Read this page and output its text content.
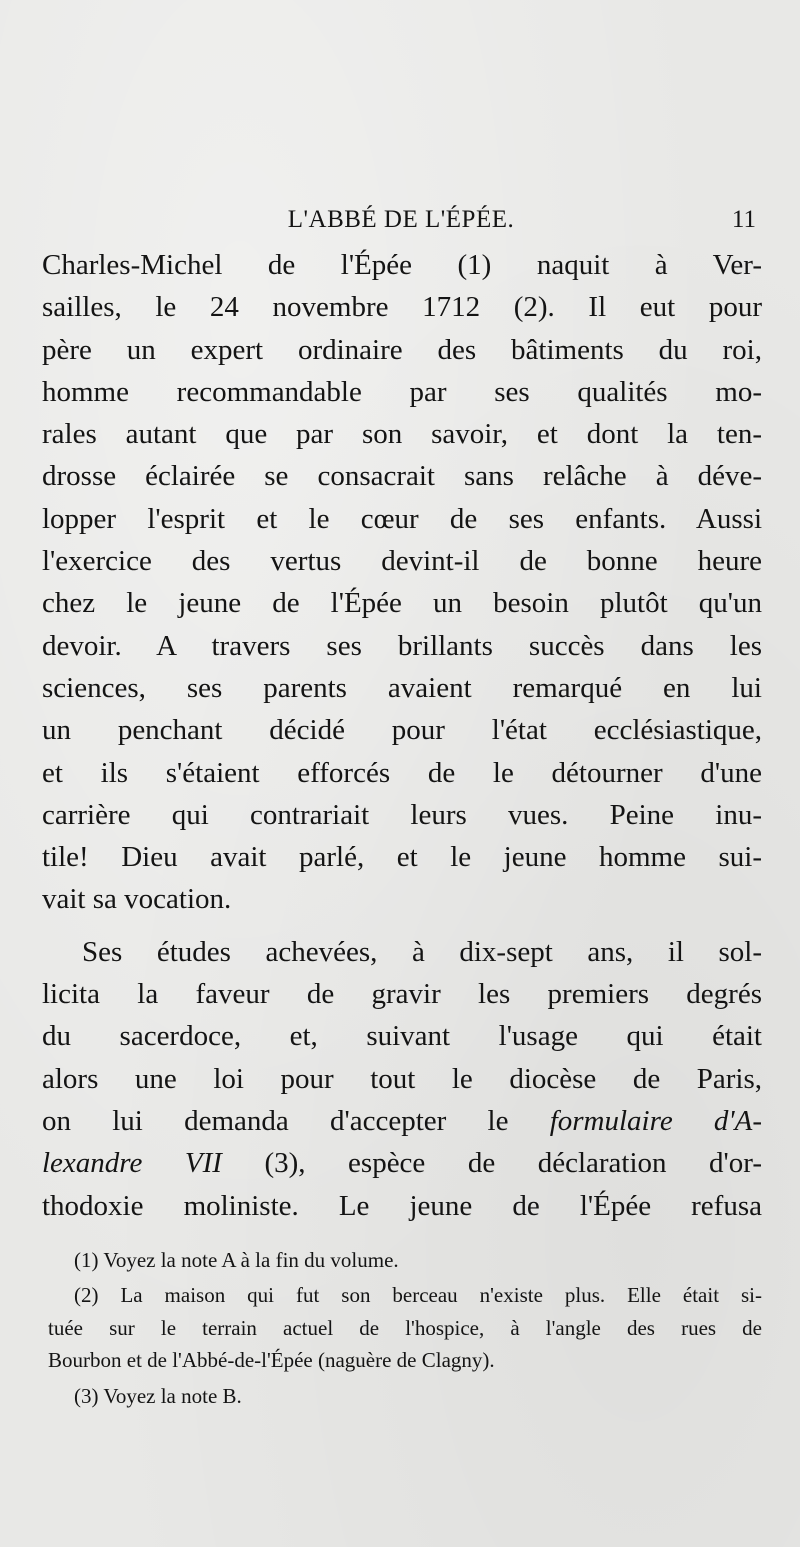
L'ABBÉ DE L'ÉPÉE.	11
Charles-Michel de l'Épée (1) naquit à Ver-
sailles, le 24 novembre 1712 (2). Il eut pour
père un expert ordinaire des bâtiments du roi,
homme recommandable par ses qualités mo-
rales autant que par son savoir, et dont la ten-
drosse éclairée se consacrait sans relâche à déve-
lopper l'esprit et le cœur de ses enfants. Aussi
l'exercice des vertus devint-il de bonne heure
chez le jeune de l'Épée un besoin plutôt qu'un
devoir. A travers ses brillants succès dans les
sciences, ses parents avaient remarqué en lui
un penchant décidé pour l'état ecclésiastique,
et ils s'étaient efforcés de le détourner d'une
carrière qui contrariait leurs vues. Peine inu-
tile! Dieu avait parlé, et le jeune homme sui-
vait sa vocation.
Ses études achevées, à dix-sept ans, il sol-
licita la faveur de gravir les premiers degrés
du sacerdoce, et, suivant l'usage qui était
alors une loi pour tout le diocèse de Paris,
on lui demanda d'accepter le formulaire d'A-
lexandre VII (3), espèce de déclaration d'or-
thodoxie moliniste. Le jeune de l'Épée refusa
(1) Voyez la note A à la fin du volume.
(2) La maison qui fut son berceau n'existe plus. Elle était si-
tuée sur le terrain actuel de l'hospice, à l'angle des rues de
Bourbon et de l'Abbé-de-l'Épée (naguère de Clagny).
(3) Voyez la note B.
